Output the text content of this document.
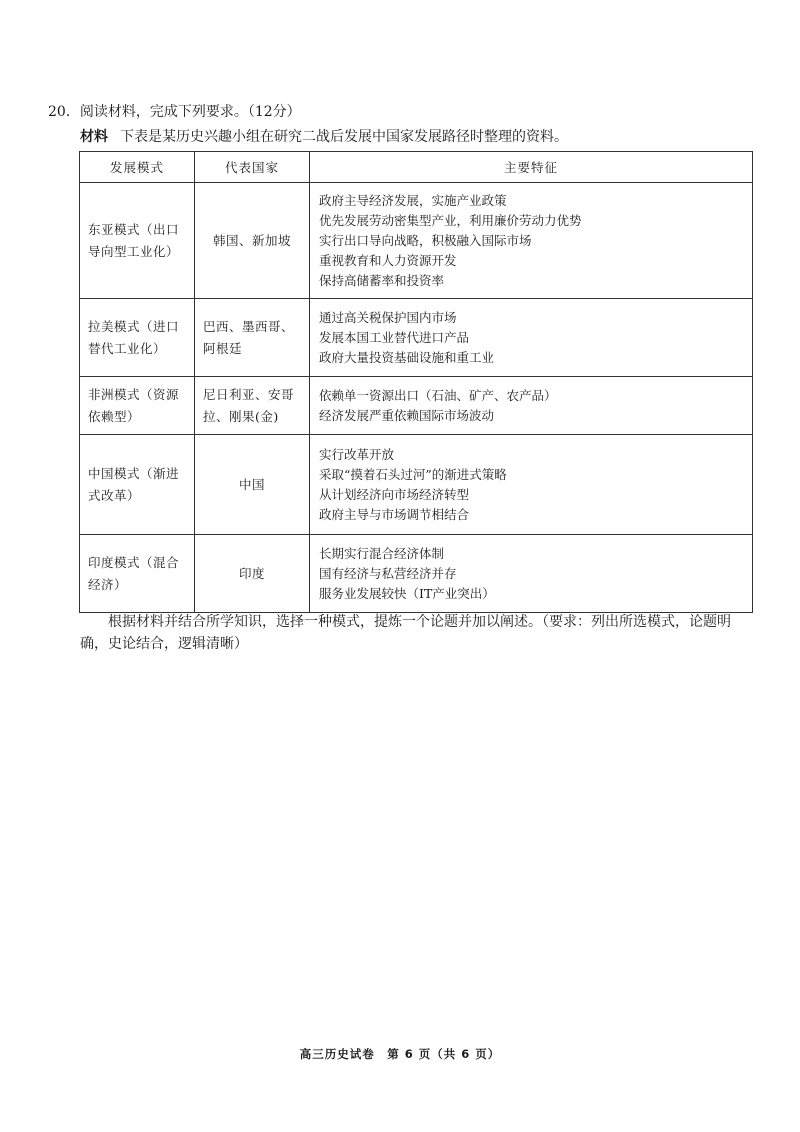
20．阅读材料，完成下列要求。（12分）
材料 下表是某历史兴趣小组在研究二战后发展中国家发展路径时整理的资料。
发展模式	代表国家	主要特征
东亚模式（出口导向型工业化）	韩国、新加坡	政府主导经济发展，实施产业政策
优先发展劳动密集型产业，利用廉价劳动力优势
实行出口导向战略，积极融入国际市场
重视教育和人力资源开发
保持高储蓄率和投资率

拉美模式（进口替代工业化）	巴西、墨西哥、阿根廷	通过高关税保护国内市场
发展本国工业替代进口产品
政府大量投资基础设施和重工业

非洲模式（资源依赖型）	尼日利亚、安哥拉、刚果(金)	依赖单一资源出口（石油、矿产、农产品）
经济发展严重依赖国际市场波动

中国模式（渐进式改革）	中国	实行改革开放
采取“摸着石头过河”的渐进式策略
从计划经济向市场经济转型
政府主导与市场调节相结合

印度模式（混合经济）	印度	长期实行混合经济体制
国有经济与私营经济并存
服务业发展较快（IT产业突出）
根据材料并结合所学知识，选择一种模式，提炼一个论题并加以阐述。（要求：列出所选模式，论题明确，史论结合，逻辑清晰）
高三历史试卷　第 6 页（共 6 页）
